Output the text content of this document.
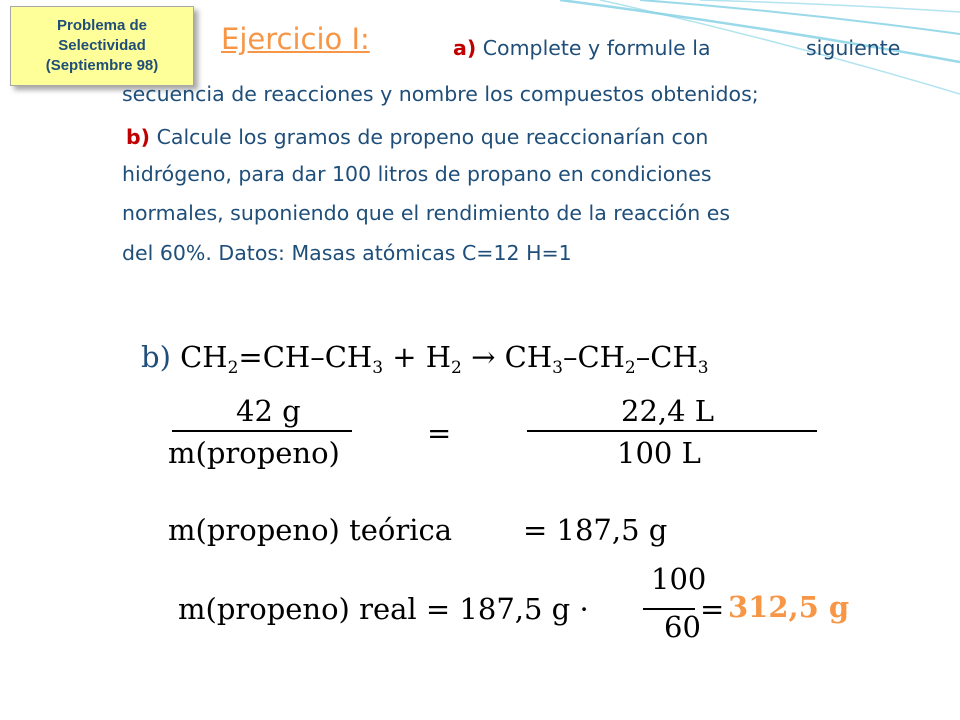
Problema de
Selectividad
(Septiembre 98)
Ejercicio I:	a) Complete y formule la	siguiente
secuencia de reacciones y nombre los compuestos obtenidos;
b) Calcule los gramos de propeno que reaccionarían con
hidrógeno, para dar 100 litros de propano en condiciones
normales, suponiendo que el rendimiento de la reacción es
del 60%. Datos: Masas atómicas C=12 H=1
b) $CH_2=CH-CH_3 + H_2 \to CH_3-CH_2-CH_3$
42 g
m(propeno)
=
22,4 L
100 L
m(propeno) teórica = 187,5 g
m(propeno) real = 187,5 g ·
100
60
= 312,5 g
